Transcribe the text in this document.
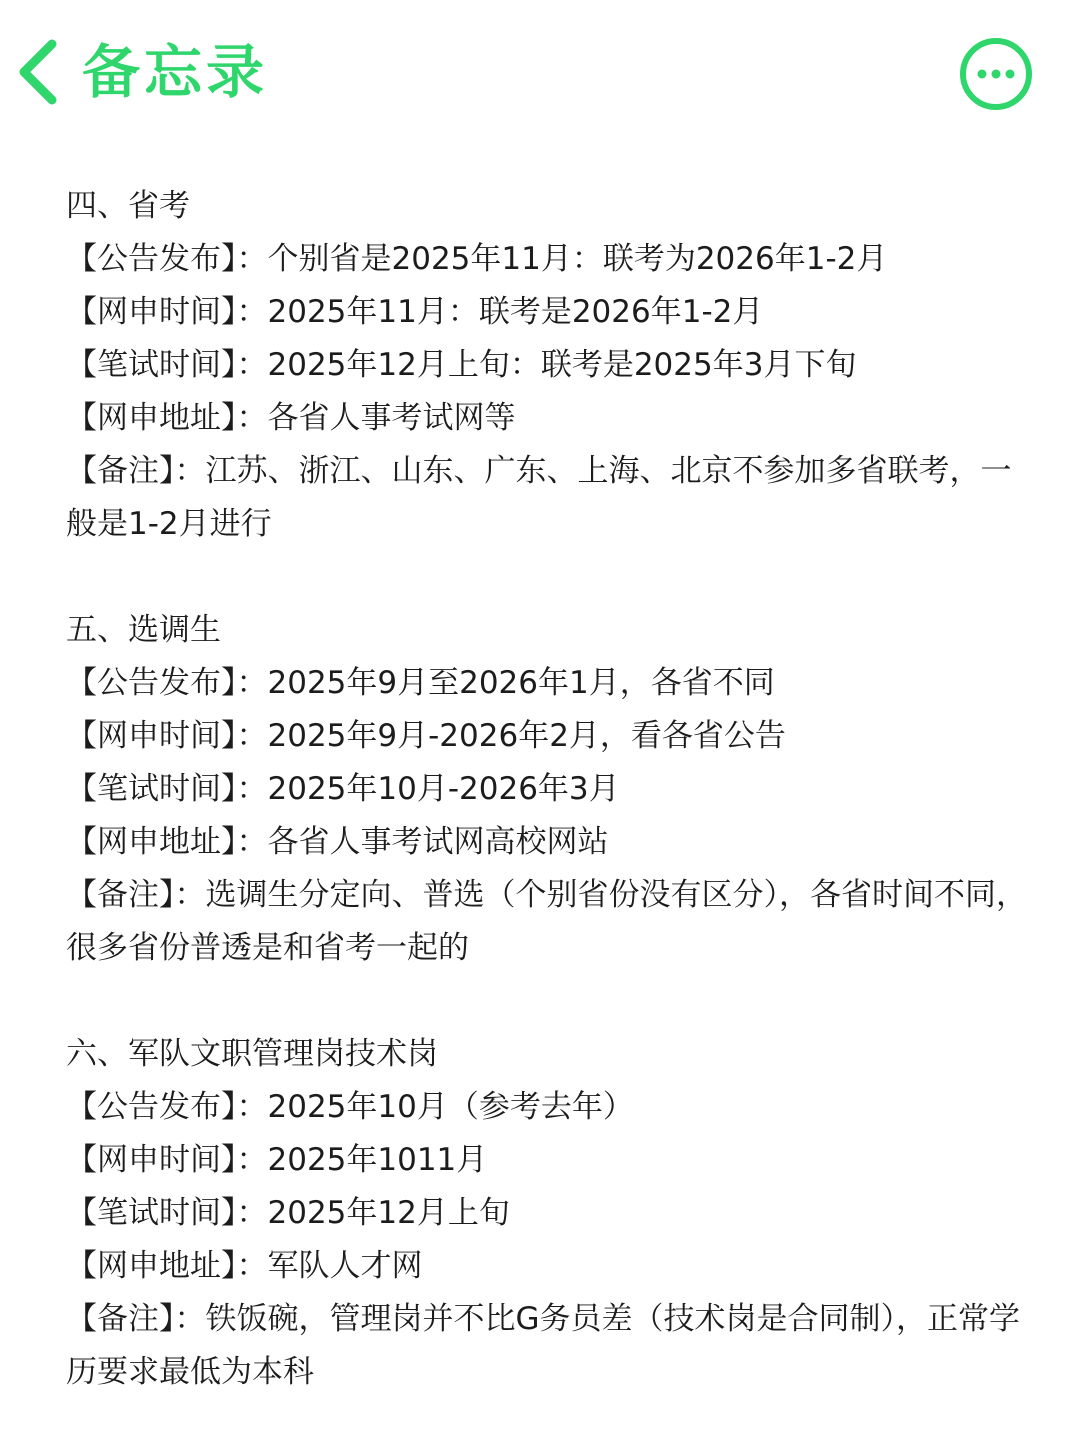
备忘录
四、省考
【公告发布】：个别省是2025年11月：联考为2026年1-2月
【网申时间】：2025年11月：联考是2026年1-2月
【笔试时间】：2025年12月上旬：联考是2025年3月下旬
【网申地址】：各省人事考试网等
【备注】：江苏、浙江、山东、广东、上海、北京不参加多省联考，一般是1-2月进行
五、选调生
【公告发布】：2025年9月至2026年1月，各省不同
【网申时间】：2025年9月-2026年2月，看各省公告
【笔试时间】：2025年10月-2026年3月
【网申地址】：各省人事考试网高校网站
【备注】：选调生分定向、普选（个别省份没有区分），各省时间不同，很多省份普透是和省考一起的
六、军队文职管理岗技术岗
【公告发布】：2025年10月（参考去年）
【网申时间】：2025年1011月
【笔试时间】：2025年12月上旬
【网申地址】：军队人才网
【备注】：铁饭碗，管理岗并不比G务员差（技术岗是合同制），正常学历要求最低为本科
